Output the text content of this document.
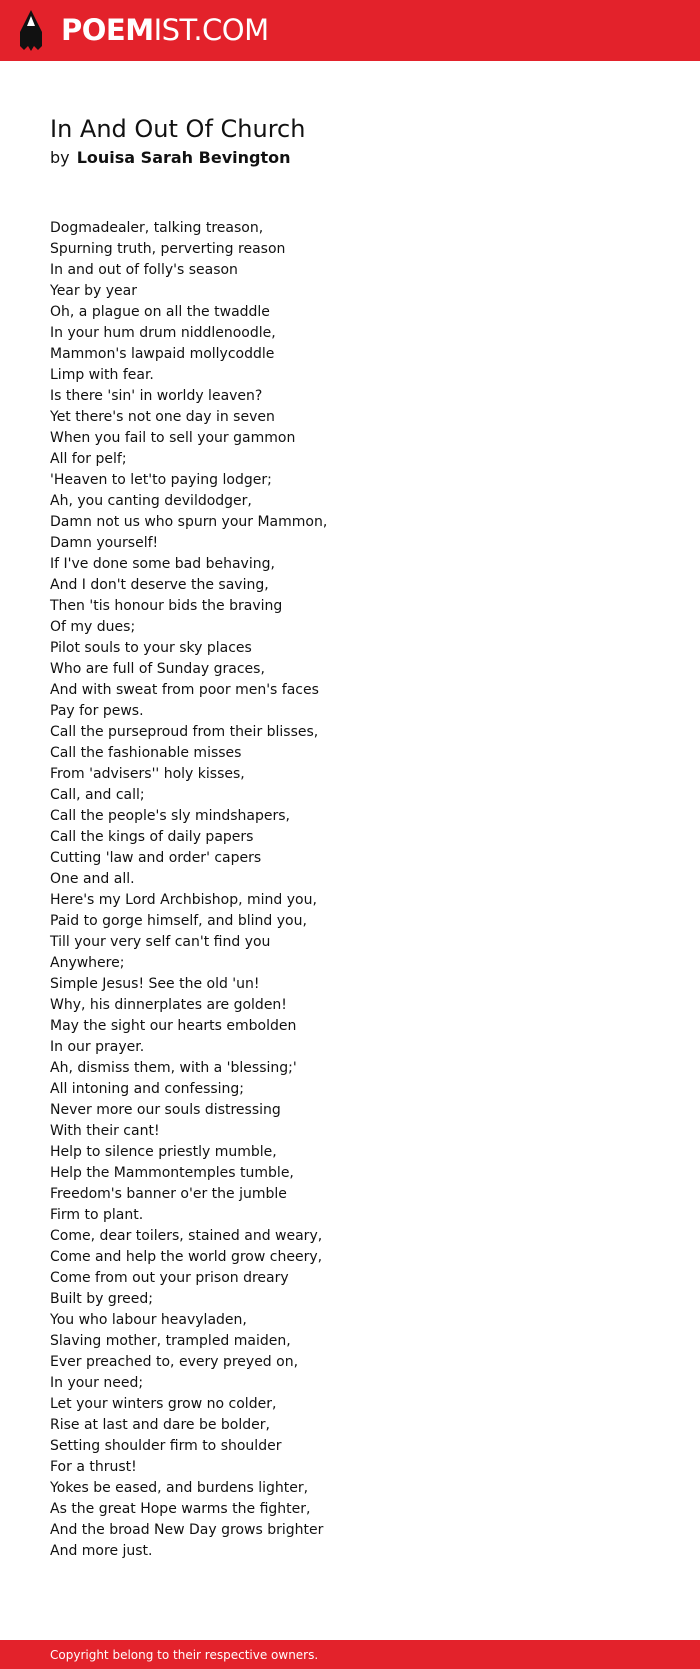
POEMIST.COM
In And Out Of Church
by Louisa Sarah Bevington
Dogmadealer, talking treason,
Spurning truth, perverting reason
In and out of folly's season
Year by year
Oh, a plague on all the twaddle
In your hum drum niddlenoodle,
Mammon's lawpaid mollycoddle
Limp with fear.
Is there 'sin' in worldy leaven?
Yet there's not one day in seven
When you fail to sell your gammon
All for pelf;
'Heaven to let'to paying lodger;
Ah, you canting devildodger,
Damn not us who spurn your Mammon,
Damn yourself!
If I've done some bad behaving,
And I don't deserve the saving,
Then 'tis honour bids the braving
Of my dues;
Pilot souls to your sky places
Who are full of Sunday graces,
And with sweat from poor men's faces
Pay for pews.
Call the purseproud from their blisses,
Call the fashionable misses
From 'advisers'' holy kisses,
Call, and call;
Call the people's sly mindshapers,
Call the kings of daily papers
Cutting 'law and order' capers
One and all.
Here's my Lord Archbishop, mind you,
Paid to gorge himself, and blind you,
Till your very self can't find you
Anywhere;
Simple Jesus! See the old 'un!
Why, his dinnerplates are golden!
May the sight our hearts embolden
In our prayer.
Ah, dismiss them, with a 'blessing;'
All intoning and confessing;
Never more our souls distressing
With their cant!
Help to silence priestly mumble,
Help the Mammontemples tumble,
Freedom's banner o'er the jumble
Firm to plant.
Come, dear toilers, stained and weary,
Come and help the world grow cheery,
Come from out your prison dreary
Built by greed;
You who labour heavyladen,
Slaving mother, trampled maiden,
Ever preached to, every preyed on,
In your need;
Let your winters grow no colder,
Rise at last and dare be bolder,
Setting shoulder firm to shoulder
For a thrust!
Yokes be eased, and burdens lighter,
As the great Hope warms the fighter,
And the broad New Day grows brighter
And more just.
Copyright belong to their respective owners.
